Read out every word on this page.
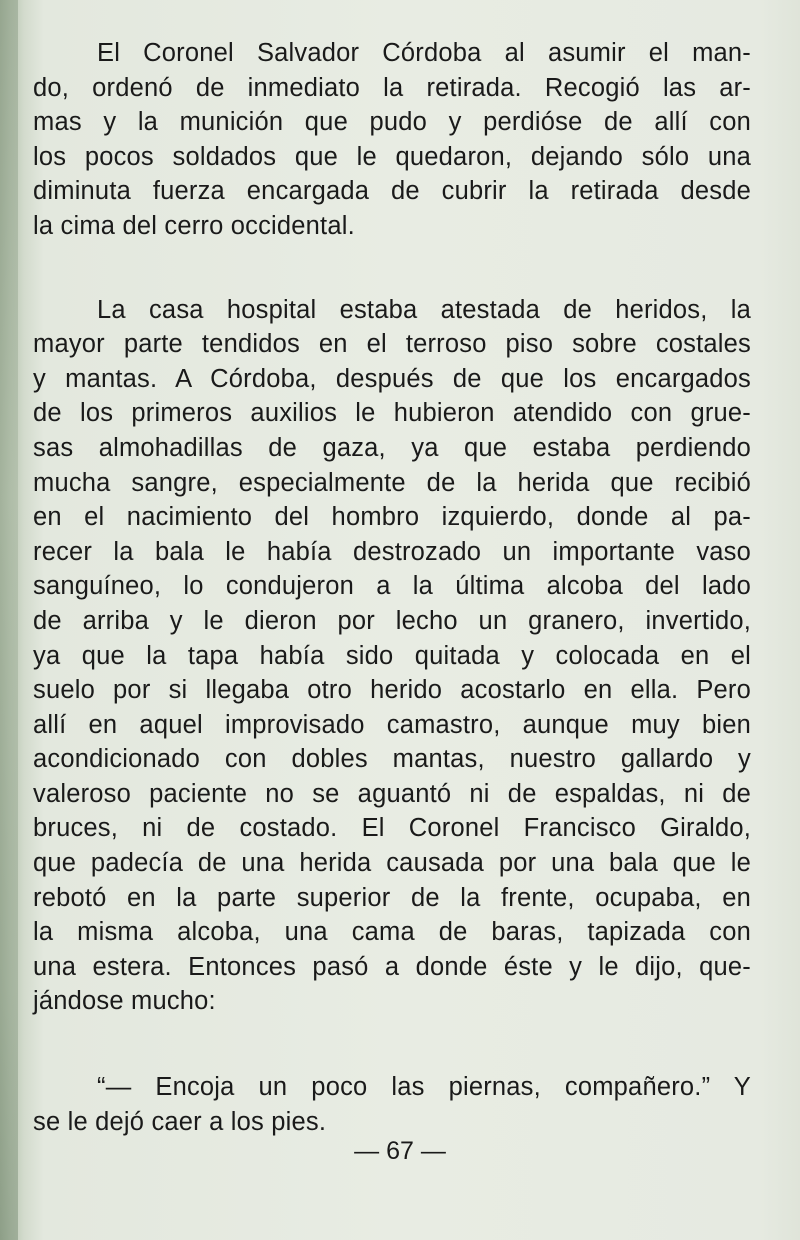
El Coronel Salvador Córdoba al asumir el man-
do, ordenó de inmediato la retirada. Recogió las ar-
mas y la munición que pudo y perdióse de allí con
los pocos soldados que le quedaron, dejando sólo una
diminuta fuerza encargada de cubrir la retirada desde
la cima del cerro occidental.
La casa hospital estaba atestada de heridos, la
mayor parte tendidos en el terroso piso sobre costales
y mantas. A Córdoba, después de que los encargados
de los primeros auxilios le hubieron atendido con grue-
sas almohadillas de gaza, ya que estaba perdiendo
mucha sangre, especialmente de la herida que recibió
en el nacimiento del hombro izquierdo, donde al pa-
recer la bala le había destrozado un importante vaso
sanguíneo, lo condujeron a la última alcoba del lado
de arriba y le dieron por lecho un granero, invertido,
ya que la tapa había sido quitada y colocada en el
suelo por si llegaba otro herido acostarlo en ella. Pero
allí en aquel improvisado camastro, aunque muy bien
acondicionado con dobles mantas, nuestro gallardo y
valeroso paciente no se aguantó ni de espaldas, ni de
bruces, ni de costado. El Coronel Francisco Giraldo,
que padecía de una herida causada por una bala que le
rebotó en la parte superior de la frente, ocupaba, en
la misma alcoba, una cama de baras, tapizada con
una estera. Entonces pasó a donde éste y le dijo, que-
jándose mucho:
“— Encoja un poco las piernas, compañero.” Y
se le dejó caer a los pies.
— 67 —
